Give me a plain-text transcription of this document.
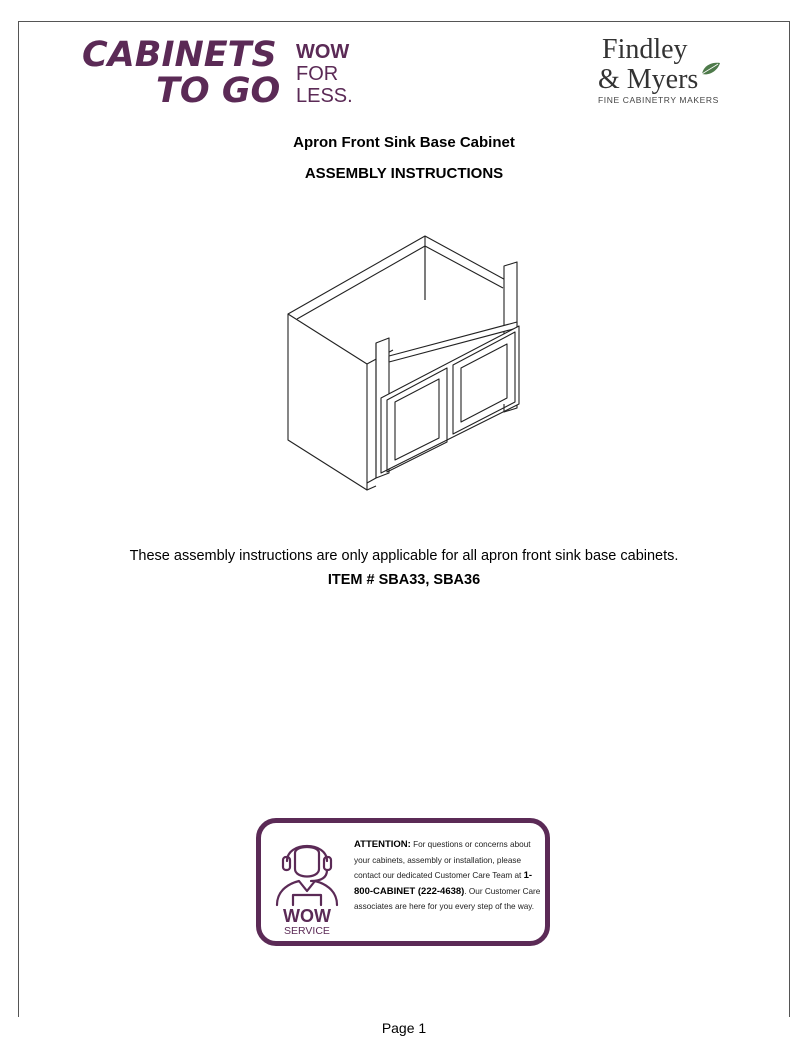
CABINETS
TO GO
WOW
FOR
LESS.
Findley
& Myers
FINE CABINETRY MAKERS
Apron Front Sink Base Cabinet
ASSEMBLY INSTRUCTIONS
These assembly instructions are only applicable for all apron front sink base cabinets.
ITEM # SBA33, SBA36
WOW
SERVICE
ATTENTION: For questions or concerns about your cabinets, assembly or installation, please contact our dedicated Customer Care Team at 1-800-CABINET (222-4638). Our Customer Care associates are here for you every step of the way.
Page 1
